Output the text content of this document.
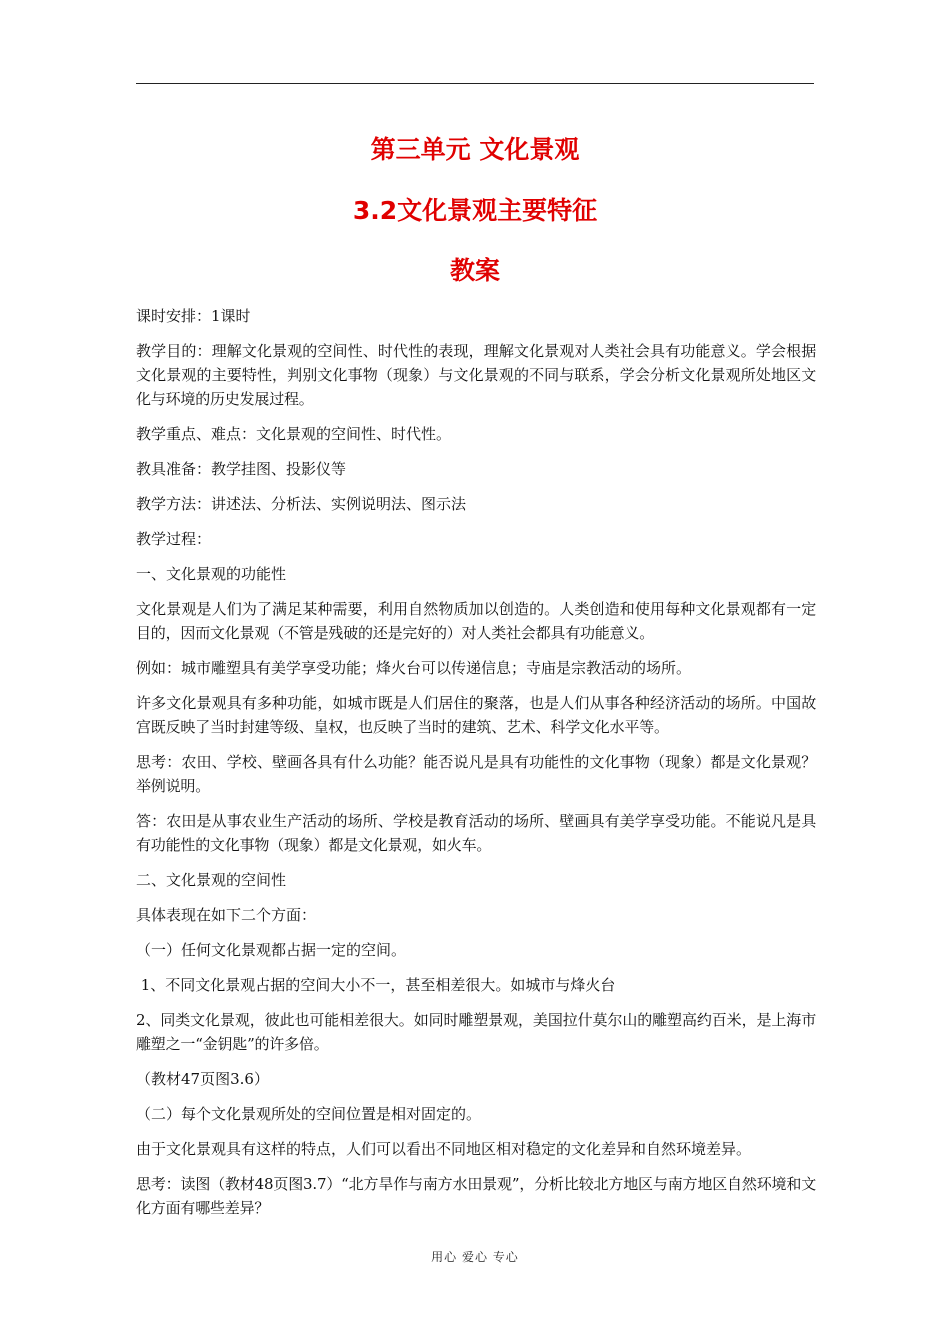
第三单元 文化景观
3.2文化景观主要特征
教案

课时安排：1课时

教学目的：理解文化景观的空间性、时代性的表现，理解文化景观对人类社会具有功能意义。学会根据文化景观的主要特性，判别文化事物（现象）与文化景观的不同与联系，学会分析文化景观所处地区文化与环境的历史发展过程。

教学重点、难点：文化景观的空间性、时代性。

教具准备：教学挂图、投影仪等

教学方法：讲述法、分析法、实例说明法、图示法

教学过程：

一、文化景观的功能性

文化景观是人们为了满足某种需要，利用自然物质加以创造的。人类创造和使用每种文化景观都有一定目的，因而文化景观（不管是残破的还是完好的）对人类社会都具有功能意义。

例如：城市雕塑具有美学享受功能；烽火台可以传递信息；寺庙是宗教活动的场所。

许多文化景观具有多种功能，如城市既是人们居住的聚落，也是人们从事各种经济活动的场所。中国故宫既反映了当时封建等级、皇权，也反映了当时的建筑、艺术、科学文化水平等。

思考：农田、学校、壁画各具有什么功能？能否说凡是具有功能性的文化事物（现象）都是文化景观？举例说明。

答：农田是从事农业生产活动的场所、学校是教育活动的场所、壁画具有美学享受功能。不能说凡是具有功能性的文化事物（现象）都是文化景观，如火车。

二、文化景观的空间性

具体表现在如下二个方面：

（一）任何文化景观都占据一定的空间。

1、不同文化景观占据的空间大小不一，甚至相差很大。如城市与烽火台

2、同类文化景观，彼此也可能相差很大。如同时雕塑景观，美国拉什莫尔山的雕塑高约百米，是上海市雕塑之一“金钥匙”的许多倍。

（教材47页图3.6）

（二）每个文化景观所处的空间位置是相对固定的。

由于文化景观具有这样的特点，人们可以看出不同地区相对稳定的文化差异和自然环境差异。

思考：读图（教材48页图3.7）“北方旱作与南方水田景观”，分析比较北方地区与南方地区自然环境和文化方面有哪些差异？

用心 爱心 专心
